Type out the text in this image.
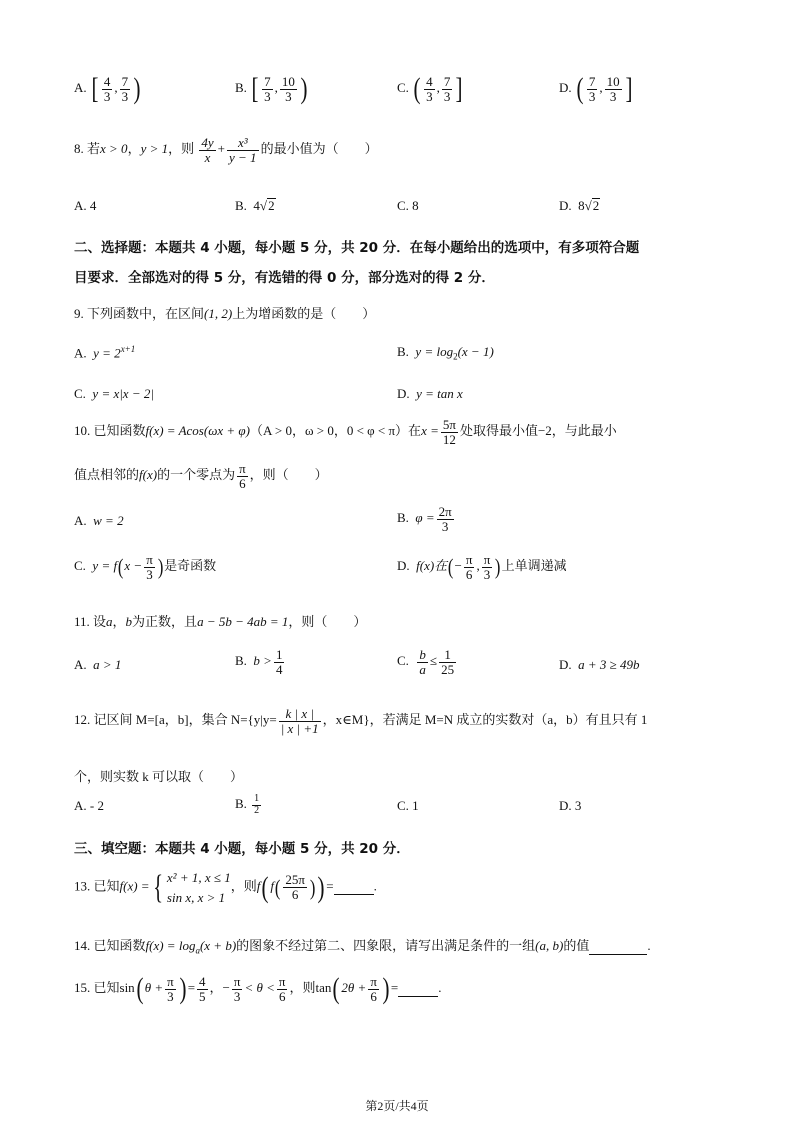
A. [ $\frac{4}{3}$ , $\frac{7}{3}$ )	B. [ $\frac{7}{3}$ , $\frac{10}{3}$ )	C. ( $\frac{4}{3}$ , $\frac{7}{3}$ ]	D. ( $\frac{7}{3}$ , $\frac{10}{3}$ ]
8. 若x > 0，y > 1，则 $\frac{4y}{x} + \frac{\text{x³}}{y - 1}$ 的最小值为（　　）
A. 4	B. 4√2	C. 8	D. 8√2
二、选择题：本题共 4 小题，每小题 5 分，共 20 分．在每小题给出的选项中，有多项符合题
目要求．全部选对的得 5 分，有选错的得 0 分，部分选对的得 2 分．
9. 下列函数中，在区间(1, 2)上为增函数的是（　　）
A. $y = 2^{x+1}$	B. $y = \log_2(x - 1)$
C. y = x|x − 2|	D. y = tan x
10. 已知函数f(x) = Acos(ωx + φ)（A > 0，ω > 0，0 < φ < π）在$x = \frac{5\pi}{12}$ 处取得最小值−2，与此最小
值点相邻的f(x)的一个零点为 $\frac{\pi}{6}$ ，则（　　）
A. w = 2	B. $\varphi = \frac{2\pi}{3}$
C. $y = f(x - \frac{\pi}{3}$ )是奇函数	D. f(x)在(− $\frac{\pi}{6}$ , $\frac{\pi}{3}$ )上单调递减
11. 设a，b为正数，且a − 5b − 4ab = 1，则（　　）
A. a > 1	B. $b > \frac{1}{4}$	C. $\frac{b}{a} \le \frac{1}{25}$	D. a + 3 ≥ 49b
12. 记区间 M=[a，b]，集合 $N=\{y|y= \frac{k | x |}{| x | +1}$ ，x∈M}，若满足 M=N 成立的实数对（a，b）有且只有 1
个，则实数 k 可以取（　　）
A. - 2	B. $\frac{1}{2}$	C. 1	D. 3
三、填空题：本题共 4 小题，每小题 5 分，共 20 分．
13. 已知f(x) ={ x² + 1, x ≤ 1
sin x, x > 1
，则f( $f( \frac{25\pi}{6}$ )) =	.
14. 已知函数$f(x) = \log_a(x + b)$的图象不经过第二、四象限，请写出满足条件的一组(a, b)的值	.
15. 已知sin( $\theta + \frac{\pi}{3}$ ) = $\frac{4}{5}$ ，− $\frac{\pi}{3} < \theta < \frac{\pi}{6}$ ，则tan( $2\theta + \frac{\pi}{6}$ ) =	.
第2页/共4页
